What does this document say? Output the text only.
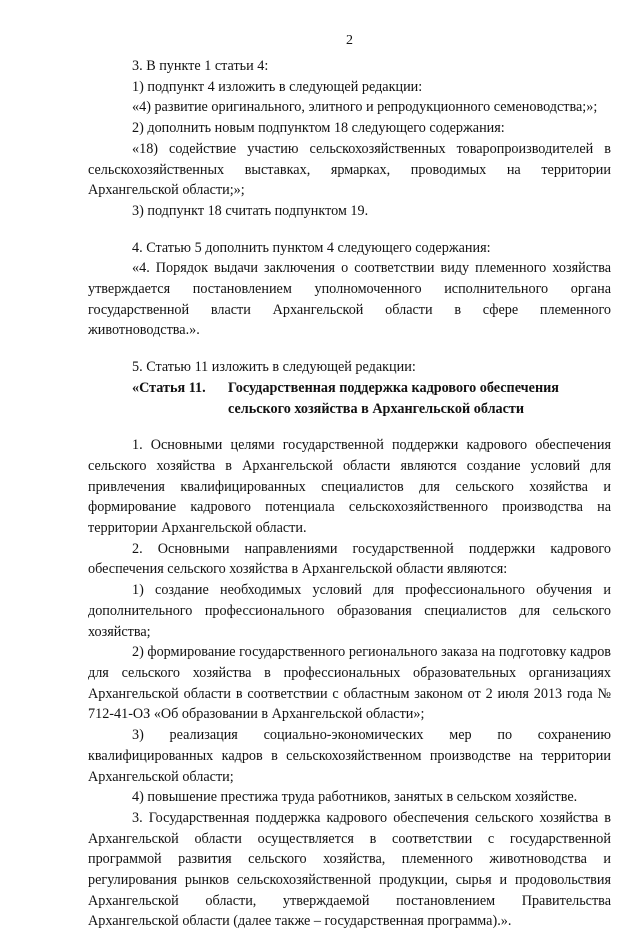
2
3. В пункте 1 статьи 4:
1) подпункт 4 изложить в следующей редакции:
«4) развитие оригинального, элитного и репродукционного семеноводства;»;
2) дополнить новым подпунктом 18 следующего содержания:
«18) содействие участию сельскохозяйственных товаропроизводителей в сельскохозяйственных выставках, ярмарках, проводимых на территории Архангельской области;»;
3) подпункт 18 считать подпунктом 19.
4. Статью 5 дополнить пунктом 4 следующего содержания:
«4. Порядок выдачи заключения о соответствии виду племенного хозяйства утверждается постановлением уполномоченного исполнительного органа государственной власти Архангельской области в сфере племенного животноводства.».
5. Статью 11 изложить в следующей редакции:
«Статья 11. Государственная поддержка кадрового обеспечения сельского хозяйства в Архангельской области
1. Основными целями государственной поддержки кадрового обеспечения сельского хозяйства в Архангельской области являются создание условий для привлечения квалифицированных специалистов для сельского хозяйства и формирование кадрового потенциала сельскохозяйственного производства на территории Архангельской области.
2. Основными направлениями государственной поддержки кадрового обеспечения сельского хозяйства в Архангельской области являются:
1) создание необходимых условий для профессионального обучения и дополнительного профессионального образования специалистов для сельского хозяйства;
2) формирование государственного регионального заказа на подготовку кадров для сельского хозяйства в профессиональных образовательных организациях Архангельской области в соответствии с областным законом от 2 июля 2013 года № 712-41-ОЗ «Об образовании в Архангельской области»;
3) реализация социально-экономических мер по сохранению квалифицированных кадров в сельскохозяйственном производстве на территории Архангельской области;
4) повышение престижа труда работников, занятых в сельском хозяйстве.
3. Государственная поддержка кадрового обеспечения сельского хозяйства в Архангельской области осуществляется в соответствии с государственной программой развития сельского хозяйства, племенного животноводства и регулирования рынков сельскохозяйственной продукции, сырья и продовольствия Архангельской области, утверждаемой постановлением Правительства Архангельской области (далее также – государственная программа).».
